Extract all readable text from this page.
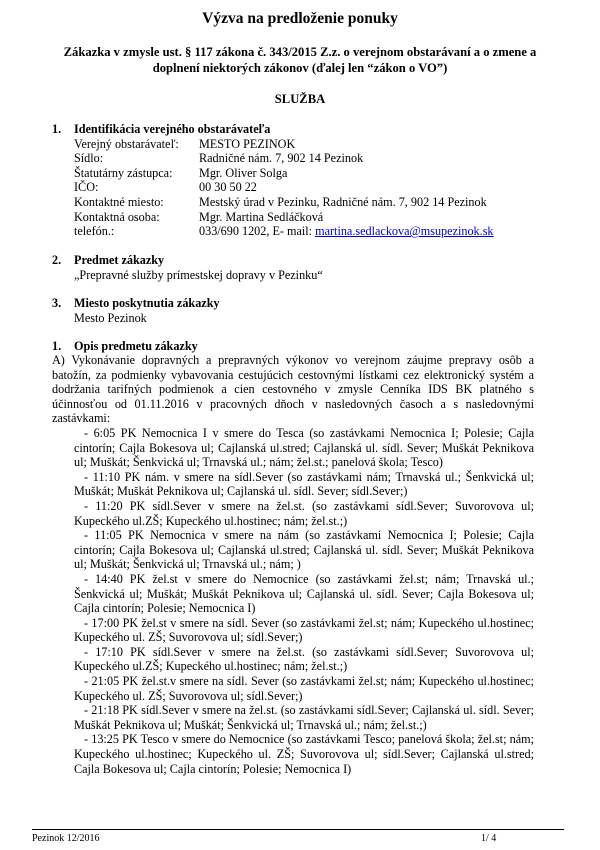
Výzva na predloženie ponuky
Zákazka v zmysle ust. § 117 zákona č. 343/2015 Z.z. o verejnom obstarávaní a o zmene a doplnení niektorých zákonov (ďalej len “zákon o VO”)
SLUŽBA
1.	Identifikácia verejného obstarávateľa
Verejný obstarávateľ:	MESTO PEZINOK
Sídlo:	Radničné nám. 7, 902 14 Pezinok
Štatutárny zástupca:	Mgr. Oliver Solga
IČO:	00 30 50 22
Kontaktné miesto:	Mestský úrad v Pezinku, Radničné nám. 7, 902 14 Pezinok
Kontaktná osoba:	Mgr. Martina Sedláčková
telefón.:	033/690 1202, E- mail: martina.sedlackova@msupezinok.sk
2.	Predmet zákazky
„Prepravné služby prímestskej dopravy v Pezinku“
3.	Miesto poskytnutia zákazky
Mesto Pezinok
1.	Opis predmetu zákazky
A) Vykonávanie dopravných a prepravných výkonov vo verejnom záujme prepravy osôb a batožín, za podmienky vybavovania cestujúcich cestovnými lístkami cez elektronický systém a dodržania tarifných podmienok a cien cestovného v zmysle Cenníka IDS BK platného s účinnosťou od 01.11.2016 v pracovných dňoch v nasledovných časoch a s nasledovnými zastávkami:
- 6:05 PK Nemocnica I v smere do Tesca (so zastávkami Nemocnica I; Polesie; Cajla cintorín; Cajla Bokesova ul; Cajlanská ul.stred; Cajlanská ul. sídl. Sever; Muškát Peknikova ul; Muškát; Šenkvická ul; Trnavská ul.; nám; žel.st.; panelová škola; Tesco)
- 11:10 PK nám. v smere na sídl.Sever (so zastávkami nám; Trnavská ul.; Šenkvická ul; Muškát; Muškát Peknikova ul; Cajlanská ul. sídl. Sever; sídl.Sever;)
- 11:20 PK sídl.Sever v smere na žel.st. (so zastávkami sídl.Sever; Suvorovova ul; Kupeckého ul.ZŠ; Kupeckého ul.hostinec; nám; žel.st.;)
- 11:05 PK Nemocnica v smere na nám (so zastávkami Nemocnica I; Polesie; Cajla cintorín; Cajla Bokesova ul; Cajlanská ul.stred; Cajlanská ul. sídl. Sever; Muškát Peknikova ul; Muškát; Šenkvická ul; Trnavská ul.; nám; )
- 14:40 PK žel.st v smere do Nemocnice (so zastávkami žel.st; nám; Trnavská ul.; Šenkvická ul; Muškát; Muškát Peknikova ul; Cajlanská ul. sídl. Sever; Cajla Bokesova ul; Cajla cintorín; Polesie; Nemocnica I)
- 17:00 PK žel.st v smere na sídl. Sever (so zastávkami žel.st; nám; Kupeckého ul.hostinec; Kupeckého ul. ZŠ; Suvorovova ul; sídl.Sever;)
- 17:10 PK sídl.Sever v smere na žel.st. (so zastávkami sídl.Sever; Suvorovova ul; Kupeckého ul.ZŠ; Kupeckého ul.hostinec; nám; žel.st.;)
- 21:05 PK žel.st.v smere na sídl. Sever (so zastávkami žel.st; nám; Kupeckého ul.hostinec; Kupeckého ul. ZŠ; Suvorovova ul; sídl.Sever;)
- 21:18 PK sídl.Sever v smere na žel.st. (so zastávkami sídl.Sever; Cajlanská ul. sídl. Sever; Muškát Peknikova ul; Muškát; Šenkvická ul; Trnavská ul.; nám; žel.st.;)
- 13:25 PK Tesco v smere do Nemocnice (so zastávkami Tesco; panelová škola; žel.st; nám; Kupeckého ul.hostinec; Kupeckého ul. ZŠ; Suvorovova ul; sídl.Sever; Cajlanská ul.stred; Cajla Bokesova ul; Cajla cintorín; Polesie; Nemocnica I)
Pezinok 12/2016	1/ 4
